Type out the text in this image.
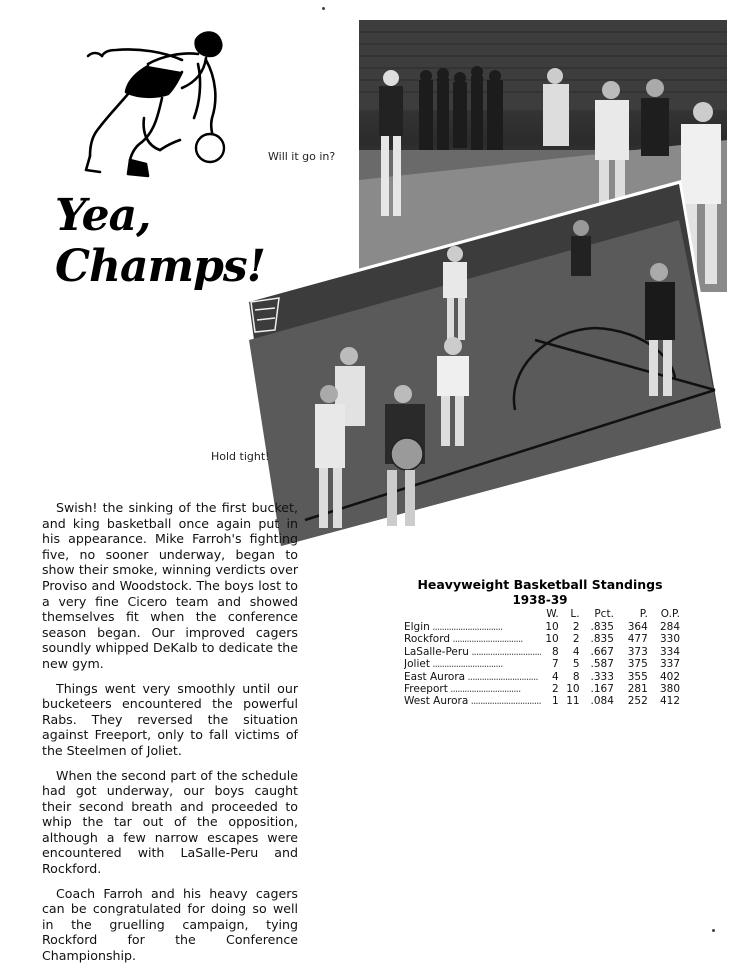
Yea, Champs!
Will it go in?
Hold tight!

Swish! the sinking of the first bucket, and king basketball once again put in his appearance. Mike Farroh's fighting five, no sooner underway, began to show their smoke, winning verdicts over Proviso and Woodstock. The boys lost to a very fine Cicero team and showed themselves fit when the conference season began. Our improved cagers soundly whipped DeKalb to dedicate the new gym.

Things went very smoothly until our bucketeers encountered the powerful Rabs. They reversed the situation against Freeport, only to fall victims of the Steelmen of Joliet.

When the second part of the schedule had got underway, our boys caught their second breath and proceeded to whip the tar out of the opposition, although a few narrow escapes were encountered with LaSalle-Peru and Rockford.

Coach Farroh and his heavy cagers can be congratulated for doing so well in the gruelling campaign, tying Rockford for the Conference Championship.

Heavyweight Basketball Standings
1938-39
	W.	L.	Pct.	P.	O.P.
Elgin ..............................	10	2	.835	364	284
Rockford ..............................	10	2	.835	477	330
LaSalle-Peru ..............................	8	4	.667	373	334
Joliet ..............................	7	5	.587	375	337
East Aurora ..............................	4	8	.333	355	402
Freeport ..............................	2	10	.167	281	380
West Aurora ..............................	1	11	.084	252	412
